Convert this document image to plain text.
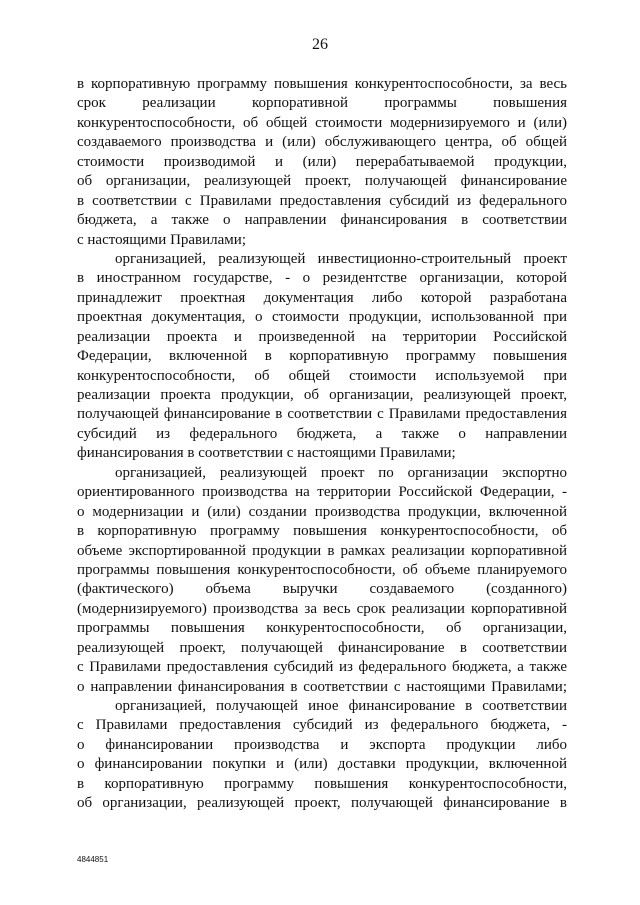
26
в корпоративную программу повышения конкурентоспособности, за весь
срок реализации корпоративной программы повышения
конкурентоспособности, об общей стоимости модернизируемого и (или)
создаваемого производства и (или) обслуживающего центра, об общей
стоимости производимой и (или) перерабатываемой продукции,
об организации, реализующей проект, получающей финансирование
в соответствии с Правилами предоставления субсидий из федерального
бюджета, а также о направлении финансирования в соответствии
с настоящими Правилами;
организацией, реализующей инвестиционно-строительный проект
в иностранном государстве, - о резидентстве организации, которой
принадлежит проектная документация либо которой разработана
проектная документация, о стоимости продукции, использованной при
реализации проекта и произведенной на территории Российской
Федерации, включенной в корпоративную программу повышения
конкурентоспособности, об общей стоимости используемой при
реализации проекта продукции, об организации, реализующей проект,
получающей финансирование в соответствии с Правилами предоставления
субсидий из федерального бюджета, а также о направлении
финансирования в соответствии с настоящими Правилами;
организацией, реализующей проект по организации экспортно
ориентированного производства на территории Российской Федерации, -
о модернизации и (или) создании производства продукции, включенной
в корпоративную программу повышения конкурентоспособности, об
объеме экспортированной продукции в рамках реализации корпоративной
программы повышения конкурентоспособности, об объеме планируемого
(фактического) объема выручки создаваемого (созданного)
(модернизируемого) производства за весь срок реализации корпоративной
программы повышения конкурентоспособности, об организации,
реализующей проект, получающей финансирование в соответствии
с Правилами предоставления субсидий из федерального бюджета, а также
о направлении финансирования в соответствии с настоящими Правилами;
организацией, получающей иное финансирование в соответствии
с Правилами предоставления субсидий из федерального бюджета, -
о финансировании производства и экспорта продукции либо
о финансировании покупки и (или) доставки продукции, включенной
в корпоративную программу повышения конкурентоспособности,
об организации, реализующей проект, получающей финансирование в
4844851
